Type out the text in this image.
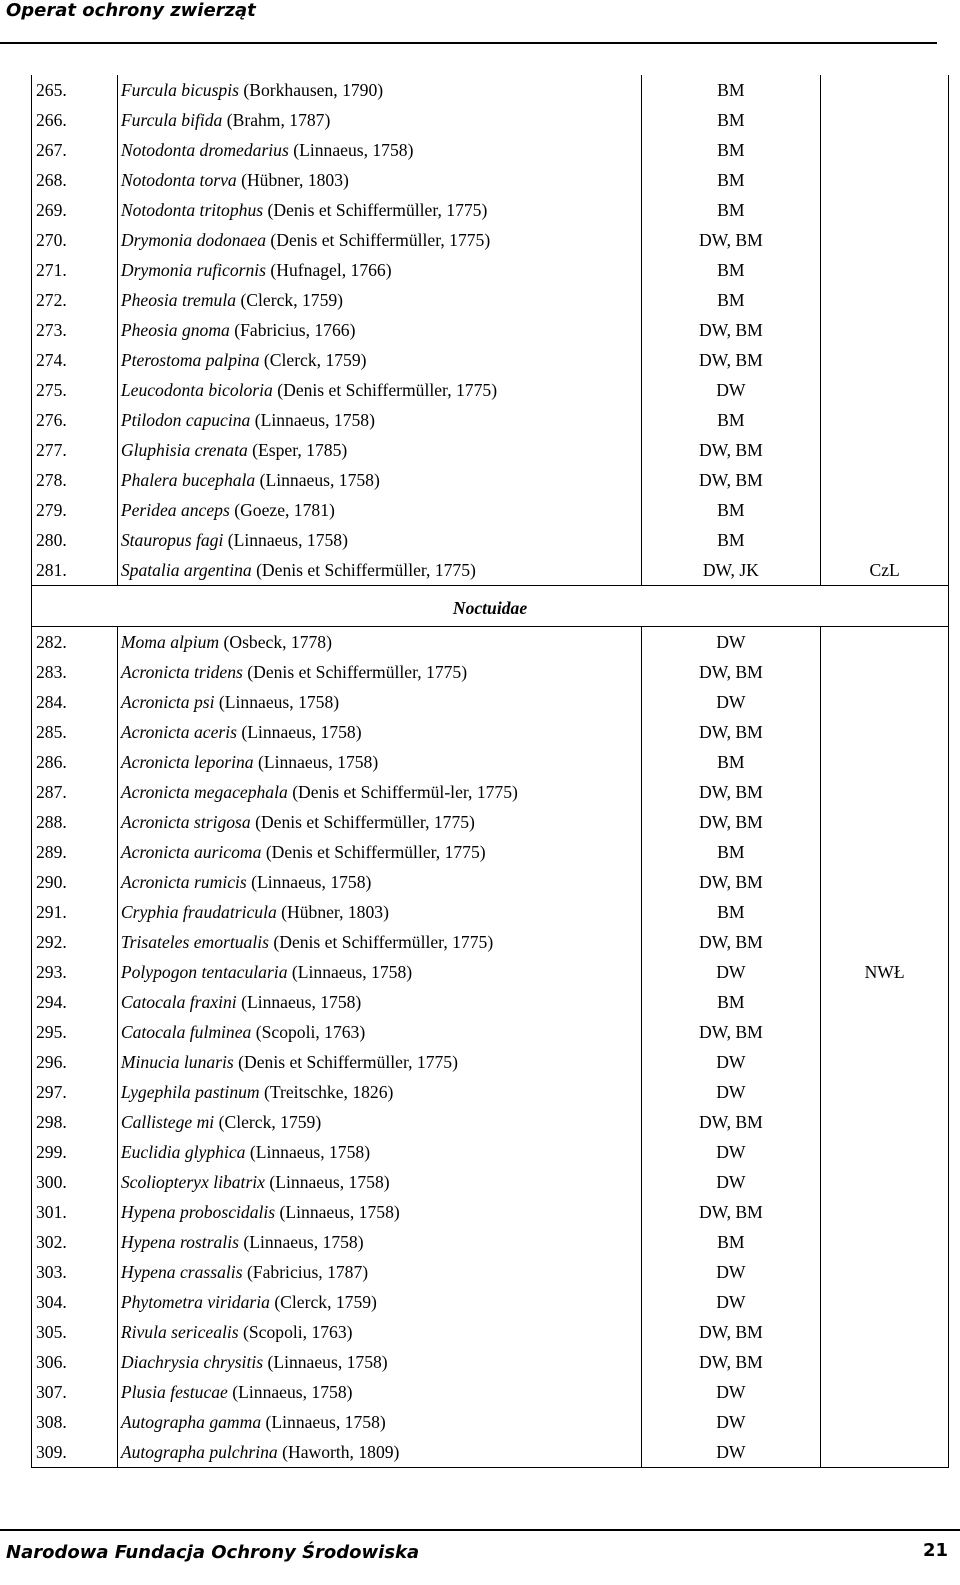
Operat ochrony zwierząt
265.	Furcula bicuspis (Borkhausen, 1790)	BM	
266.	Furcula bifida (Brahm, 1787)	BM	
267.	Notodonta dromedarius (Linnaeus, 1758)	BM	
268.	Notodonta torva (Hübner, 1803)	BM	
269.	Notodonta tritophus (Denis et Schiffermüller, 1775)	BM	
270.	Drymonia dodonaea (Denis et Schiffermüller, 1775)	DW, BM	
271.	Drymonia ruficornis (Hufnagel, 1766)	BM	
272.	Pheosia tremula (Clerck, 1759)	BM	
273.	Pheosia gnoma (Fabricius, 1766)	DW, BM	
274.	Pterostoma palpina (Clerck, 1759)	DW, BM	
275.	Leucodonta bicoloria (Denis et Schiffermüller, 1775)	DW	
276.	Ptilodon capucina (Linnaeus, 1758)	BM	
277.	Gluphisia crenata (Esper, 1785)	DW, BM	
278.	Phalera bucephala (Linnaeus, 1758)	DW, BM	
279.	Peridea anceps (Goeze, 1781)	BM	
280.	Stauropus fagi (Linnaeus, 1758)	BM	
281.	Spatalia argentina (Denis et Schiffermüller, 1775)	DW, JK	CzL
Noctuidae			
282.	Moma alpium (Osbeck, 1778)	DW	
283.	Acronicta tridens (Denis et Schiffermüller, 1775)	DW, BM	
284.	Acronicta psi (Linnaeus, 1758)	DW	
285.	Acronicta aceris (Linnaeus, 1758)	DW, BM	
286.	Acronicta leporina (Linnaeus, 1758)	BM	
287.	Acronicta megacephala (Denis et Schiffermül-ler, 1775)	DW, BM	
288.	Acronicta strigosa (Denis et Schiffermüller, 1775)	DW, BM	
289.	Acronicta auricoma (Denis et Schiffermüller, 1775)	BM	
290.	Acronicta rumicis (Linnaeus, 1758)	DW, BM	
291.	Cryphia fraudatricula (Hübner, 1803)	BM	
292.	Trisateles emortualis (Denis et Schiffermüller, 1775)	DW, BM	
293.	Polypogon tentacularia (Linnaeus, 1758)	DW	NWŁ
294.	Catocala fraxini (Linnaeus, 1758)	BM	
295.	Catocala fulminea (Scopoli, 1763)	DW, BM	
296.	Minucia lunaris (Denis et Schiffermüller, 1775)	DW	
297.	Lygephila pastinum (Treitschke, 1826)	DW	
298.	Callistege mi (Clerck, 1759)	DW, BM	
299.	Euclidia glyphica (Linnaeus, 1758)	DW	
300.	Scoliopteryx libatrix (Linnaeus, 1758)	DW	
301.	Hypena proboscidalis (Linnaeus, 1758)	DW, BM	
302.	Hypena rostralis (Linnaeus, 1758)	BM	
303.	Hypena crassalis (Fabricius, 1787)	DW	
304.	Phytometra viridaria (Clerck, 1759)	DW	
305.	Rivula sericealis (Scopoli, 1763)	DW, BM	
306.	Diachrysia chrysitis (Linnaeus, 1758)	DW, BM	
307.	Plusia festucae (Linnaeus, 1758)	DW	
308.	Autographa gamma (Linnaeus, 1758)	DW	
309.	Autographa pulchrina (Haworth, 1809)	DW	
Narodowa Fundacja Ochrony Środowiska	21
